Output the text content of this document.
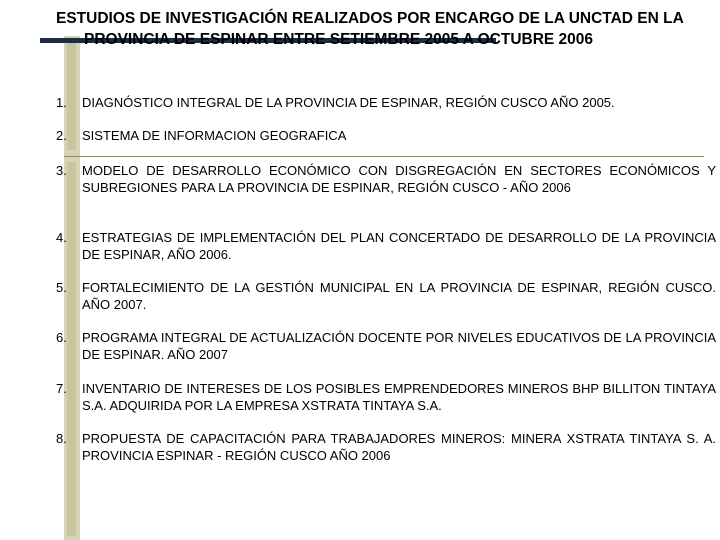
ESTUDIOS DE INVESTIGACIÓN REALIZADOS POR ENCARGO DE LA UNCTAD EN LA PROVINCIA DE ESPINAR ENTRE SETIEMBRE 2005 A OCTUBRE 2006
1. DIAGNÓSTICO INTEGRAL DE LA PROVINCIA DE ESPINAR, REGIÓN CUSCO AÑO 2005.
2. SISTEMA DE INFORMACION GEOGRAFICA
3. MODELO DE DESARROLLO ECONÓMICO CON DISGREGACIÓN EN SECTORES ECONÓMICOS Y SUBREGIONES PARA LA PROVINCIA DE ESPINAR, REGIÓN CUSCO - AÑO 2006
4. ESTRATEGIAS DE IMPLEMENTACIÓN DEL PLAN CONCERTADO DE DESARROLLO DE LA PROVINCIA DE ESPINAR, AÑO 2006.
5. FORTALECIMIENTO DE LA GESTIÓN MUNICIPAL EN LA PROVINCIA DE ESPINAR, REGIÓN CUSCO. AÑO 2007.
6. PROGRAMA INTEGRAL DE ACTUALIZACIÓN DOCENTE POR NIVELES EDUCATIVOS DE LA PROVINCIA DE ESPINAR. AÑO 2007
7. INVENTARIO DE INTERESES DE LOS POSIBLES EMPRENDEDORES MINEROS BHP BILLITON TINTAYA S.A. ADQUIRIDA POR LA EMPRESA XSTRATA TINTAYA S.A.
8. PROPUESTA DE CAPACITACIÓN PARA TRABAJADORES MINEROS: MINERA XSTRATA TINTAYA S. A. PROVINCIA ESPINAR - REGIÓN CUSCO AÑO 2006
